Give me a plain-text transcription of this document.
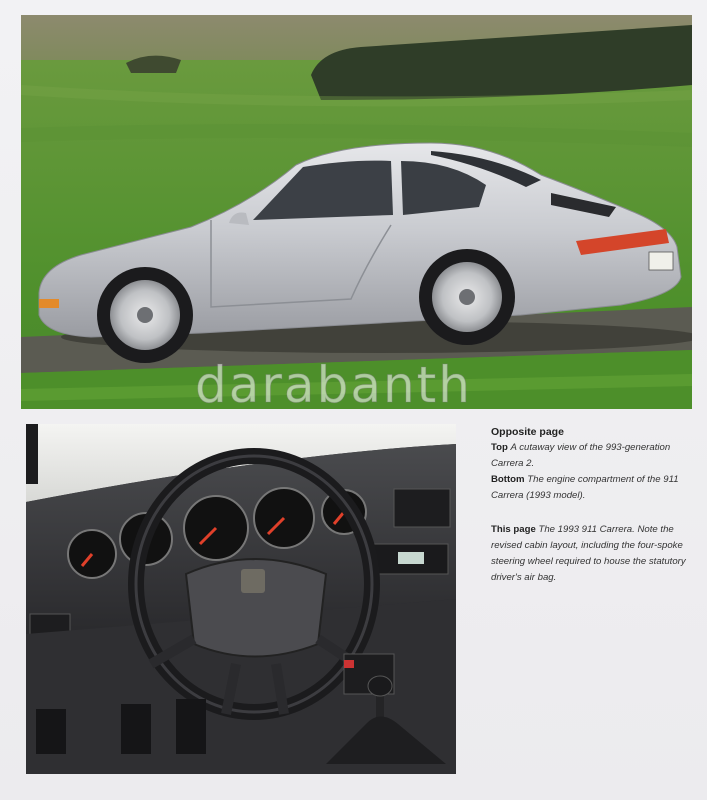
darabanth
Opposite page

Top A cutaway view of the 993-generation Carrera 2.

Bottom The engine compartment of the 911 Carrera (1993 model).

This page The 1993 911 Carrera. Note the revised cabin layout, including the four-spoke steering wheel required to house the statutory driver's air bag.
